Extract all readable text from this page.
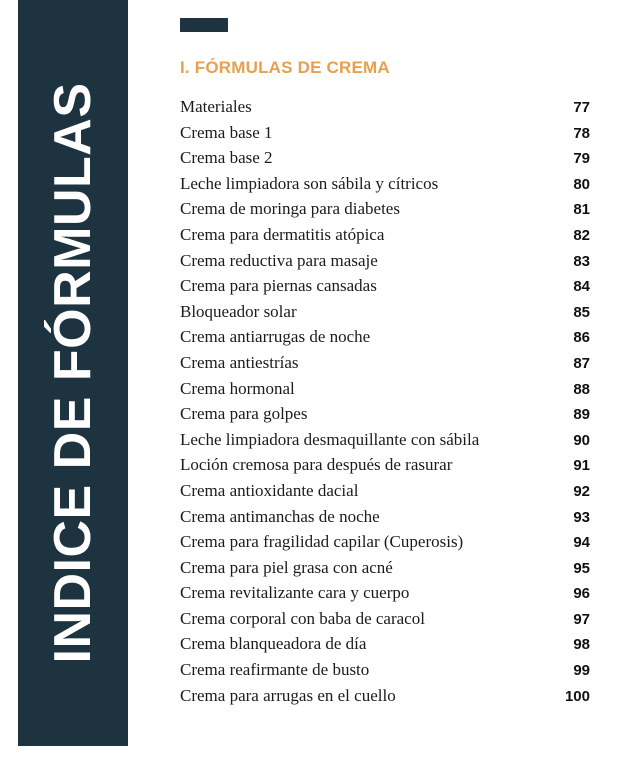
INDICE DE FÓRMULAS
I. FÓRMULAS DE CREMA
Materiales	77
Crema base 1	78
Crema base 2	79
Leche limpiadora son sábila y cítricos	80
Crema de moringa para diabetes	81
Crema para dermatitis atópica	82
Crema reductiva para masaje	83
Crema para piernas cansadas	84
Bloqueador solar	85
Crema antiarrugas de noche	86
Crema antiestrías	87
Crema hormonal	88
Crema para golpes	89
Leche limpiadora desmaquillante con sábila	90
Loción cremosa para después de rasurar	91
Crema antioxidante dacial	92
Crema antimanchas de noche	93
Crema para fragilidad capilar (Cuperosis)	94
Crema para piel grasa con acné	95
Crema revitalizante cara y cuerpo	96
Crema corporal con baba de caracol	97
Crema blanqueadora de día	98
Crema reafirmante de busto	99
Crema para arrugas en el cuello	100
